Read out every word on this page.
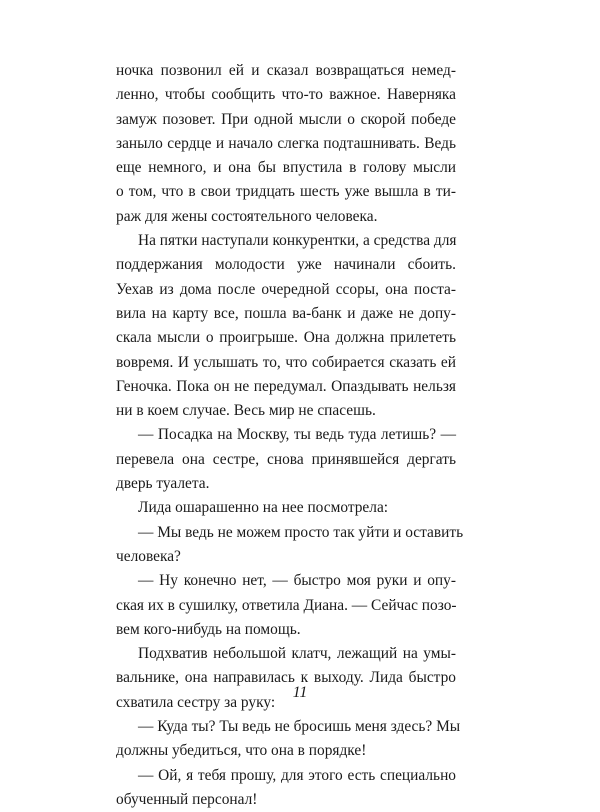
ночка позвонил ей и сказал возвращаться немед-
ленно, чтобы сообщить что-то важное. Наверняка
замуж позовет. При одной мысли о скорой победе
заныло сердце и начало слегка подташнивать. Ведь
еще немного, и она бы впустила в голову мысли
о том, что в свои тридцать шесть уже вышла в ти-
раж для жены состоятельного человека.
На пятки наступали конкурентки, а средства для
поддержания молодости уже начинали сбоить.
Уехав из дома после очередной ссоры, она поста-
вила на карту все, пошла ва-банк и даже не допу-
скала мысли о проигрыше. Она должна прилететь
вовремя. И услышать то, что собирается сказать ей
Геночка. Пока он не передумал. Опаздывать нельзя
ни в коем случае. Весь мир не спасешь.
— Посадка на Москву, ты ведь туда летишь? —
перевела она сестре, снова принявшейся дергать
дверь туалета.
Лида ошарашенно на нее посмотрела:
— Мы ведь не можем просто так уйти и оставить
человека?
— Ну конечно нет, — быстро моя руки и опу-
ская их в сушилку, ответила Диана. — Сейчас позо-
вем кого-нибудь на помощь.
Подхватив небольшой клатч, лежащий на умы-
вальнике, она направилась к выходу. Лида быстро
схватила сестру за руку:
— Куда ты? Ты ведь не бросишь меня здесь? Мы
должны убедиться, что она в порядке!
— Ой, я тебя прошу, для этого есть специально
обученный персонал!
11
